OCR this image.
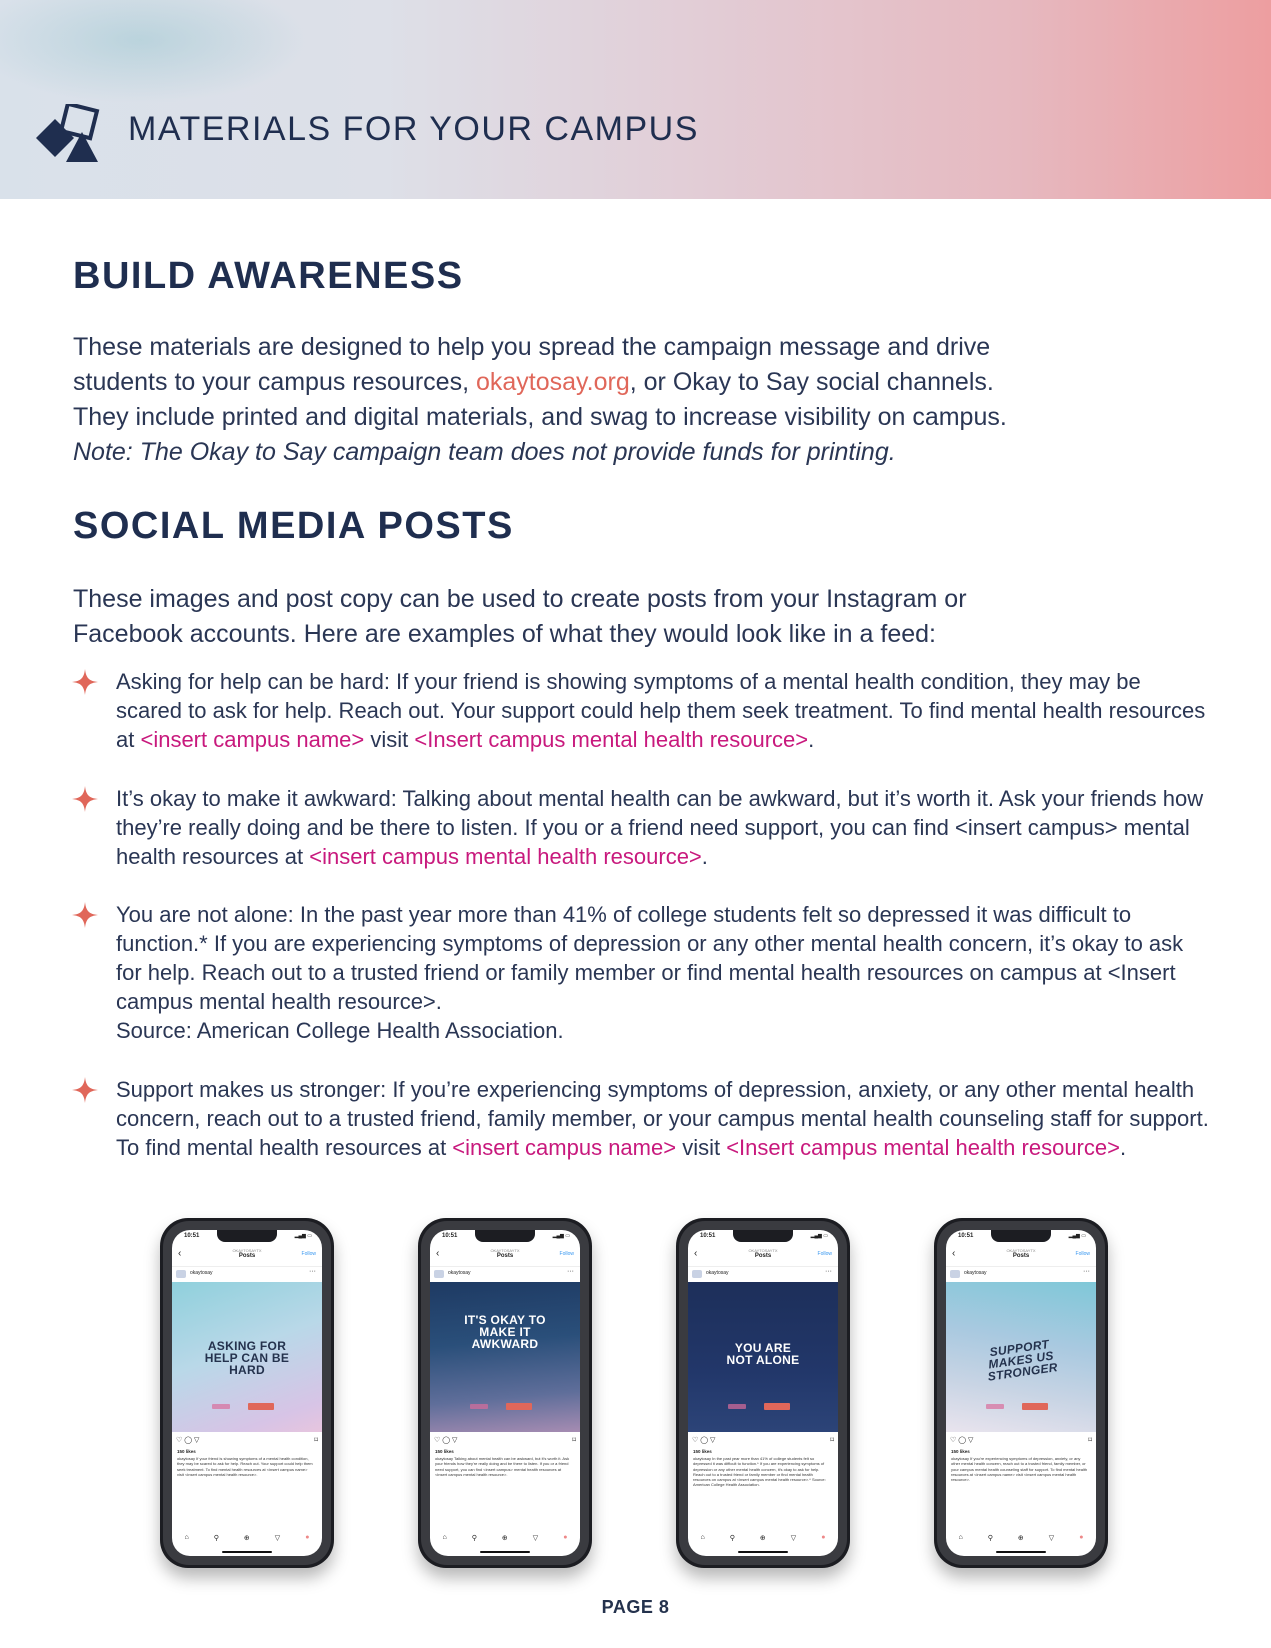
MATERIALS FOR YOUR CAMPUS
BUILD AWARENESS
These materials are designed to help you spread the campaign message and drive
students to your campus resources, okaytosay.org, or Okay to Say social channels.
They include printed and digital materials, and swag to increase visibility on campus.
Note: The Okay to Say campaign team does not provide funds for printing.
SOCIAL MEDIA POSTS
These images and post copy can be used to create posts from your Instagram or
Facebook accounts. Here are examples of what they would look like in a feed:
Asking for help can be hard: If your friend is showing symptoms of a mental health condition, they may be scared to ask for help. Reach out. Your support could help them seek treatment. To find mental health resources at <insert campus name> visit <Insert campus mental health resource>.
It’s okay to make it awkward: Talking about mental health can be awkward, but it’s worth it. Ask your friends how they’re really doing and be there to listen. If you or a friend need support, you can find <insert campus> mental health resources at <insert campus mental health resource>.
You are not alone: In the past year more than 41% of college students felt so depressed it was difficult to function.* If you are experiencing symptoms of depression or any other mental health concern, it’s okay to ask for help. Reach out to a trusted friend or family member or find mental health resources on campus at <Insert campus mental health resource>.
Source: American College Health Association.
Support makes us stronger: If you’re experiencing symptoms of depression, anxiety, or any other mental health concern, reach out to a trusted friend, family member, or your campus mental health counseling staff for support. To find mental health resources at <insert campus name> visit <Insert campus mental health resource>.
10:51	▂▄▆ ▭
‹	OKAYTOSAYTX
Posts	Follow
okaytosay	···
ASKING FOR HELP CAN BE HARD
♡ ◯ ▽	⌑
150 likes
okaytosay If your friend is showing symptoms of a mental health condition, they may be scared to ask for help. Reach out. Your support could help them seek treatment. To find mental health resources at <insert campus name> visit <insert campus mental health resource>.
⌂	⚲	⊕	▽	●
10:51	▂▄▆ ▭
‹	OKAYTOSAYTX
Posts	Follow
okaytosay	···
IT'S OKAY TO MAKE IT AWKWARD
♡ ◯ ▽	⌑
150 likes
okaytosay Talking about mental health can be awkward, but it's worth it. Ask your friends how they're really doing and be there to listen. If you or a friend need support, you can find <insert campus> mental health resources at <insert campus mental health resource>.
⌂	⚲	⊕	▽	●
10:51	▂▄▆ ▭
‹	OKAYTOSAYTX
Posts	Follow
okaytosay	···
YOU ARE NOT ALONE
♡ ◯ ▽	⌑
150 likes
okaytosay In the past year more than 41% of college students felt so depressed it was difficult to function.* If you are experiencing symptoms of depression or any other mental health concern, it's okay to ask for help. Reach out to a trusted friend or family member or find mental health resources on campus at <insert campus mental health resource>.* Source: American College Health Association.
⌂	⚲	⊕	▽	●
10:51	▂▄▆ ▭
‹	OKAYTOSAYTX
Posts	Follow
okaytosay	···
SUPPORT MAKES US STRONGER
♡ ◯ ▽	⌑
150 likes
okaytosay If you're experiencing symptoms of depression, anxiety, or any other mental health concern, reach out to a trusted friend, family member, or your campus mental health counseling staff for support. To find mental health resources at <insert campus name> visit <insert campus mental health resource>.
⌂	⚲	⊕	▽	●
PAGE 8
